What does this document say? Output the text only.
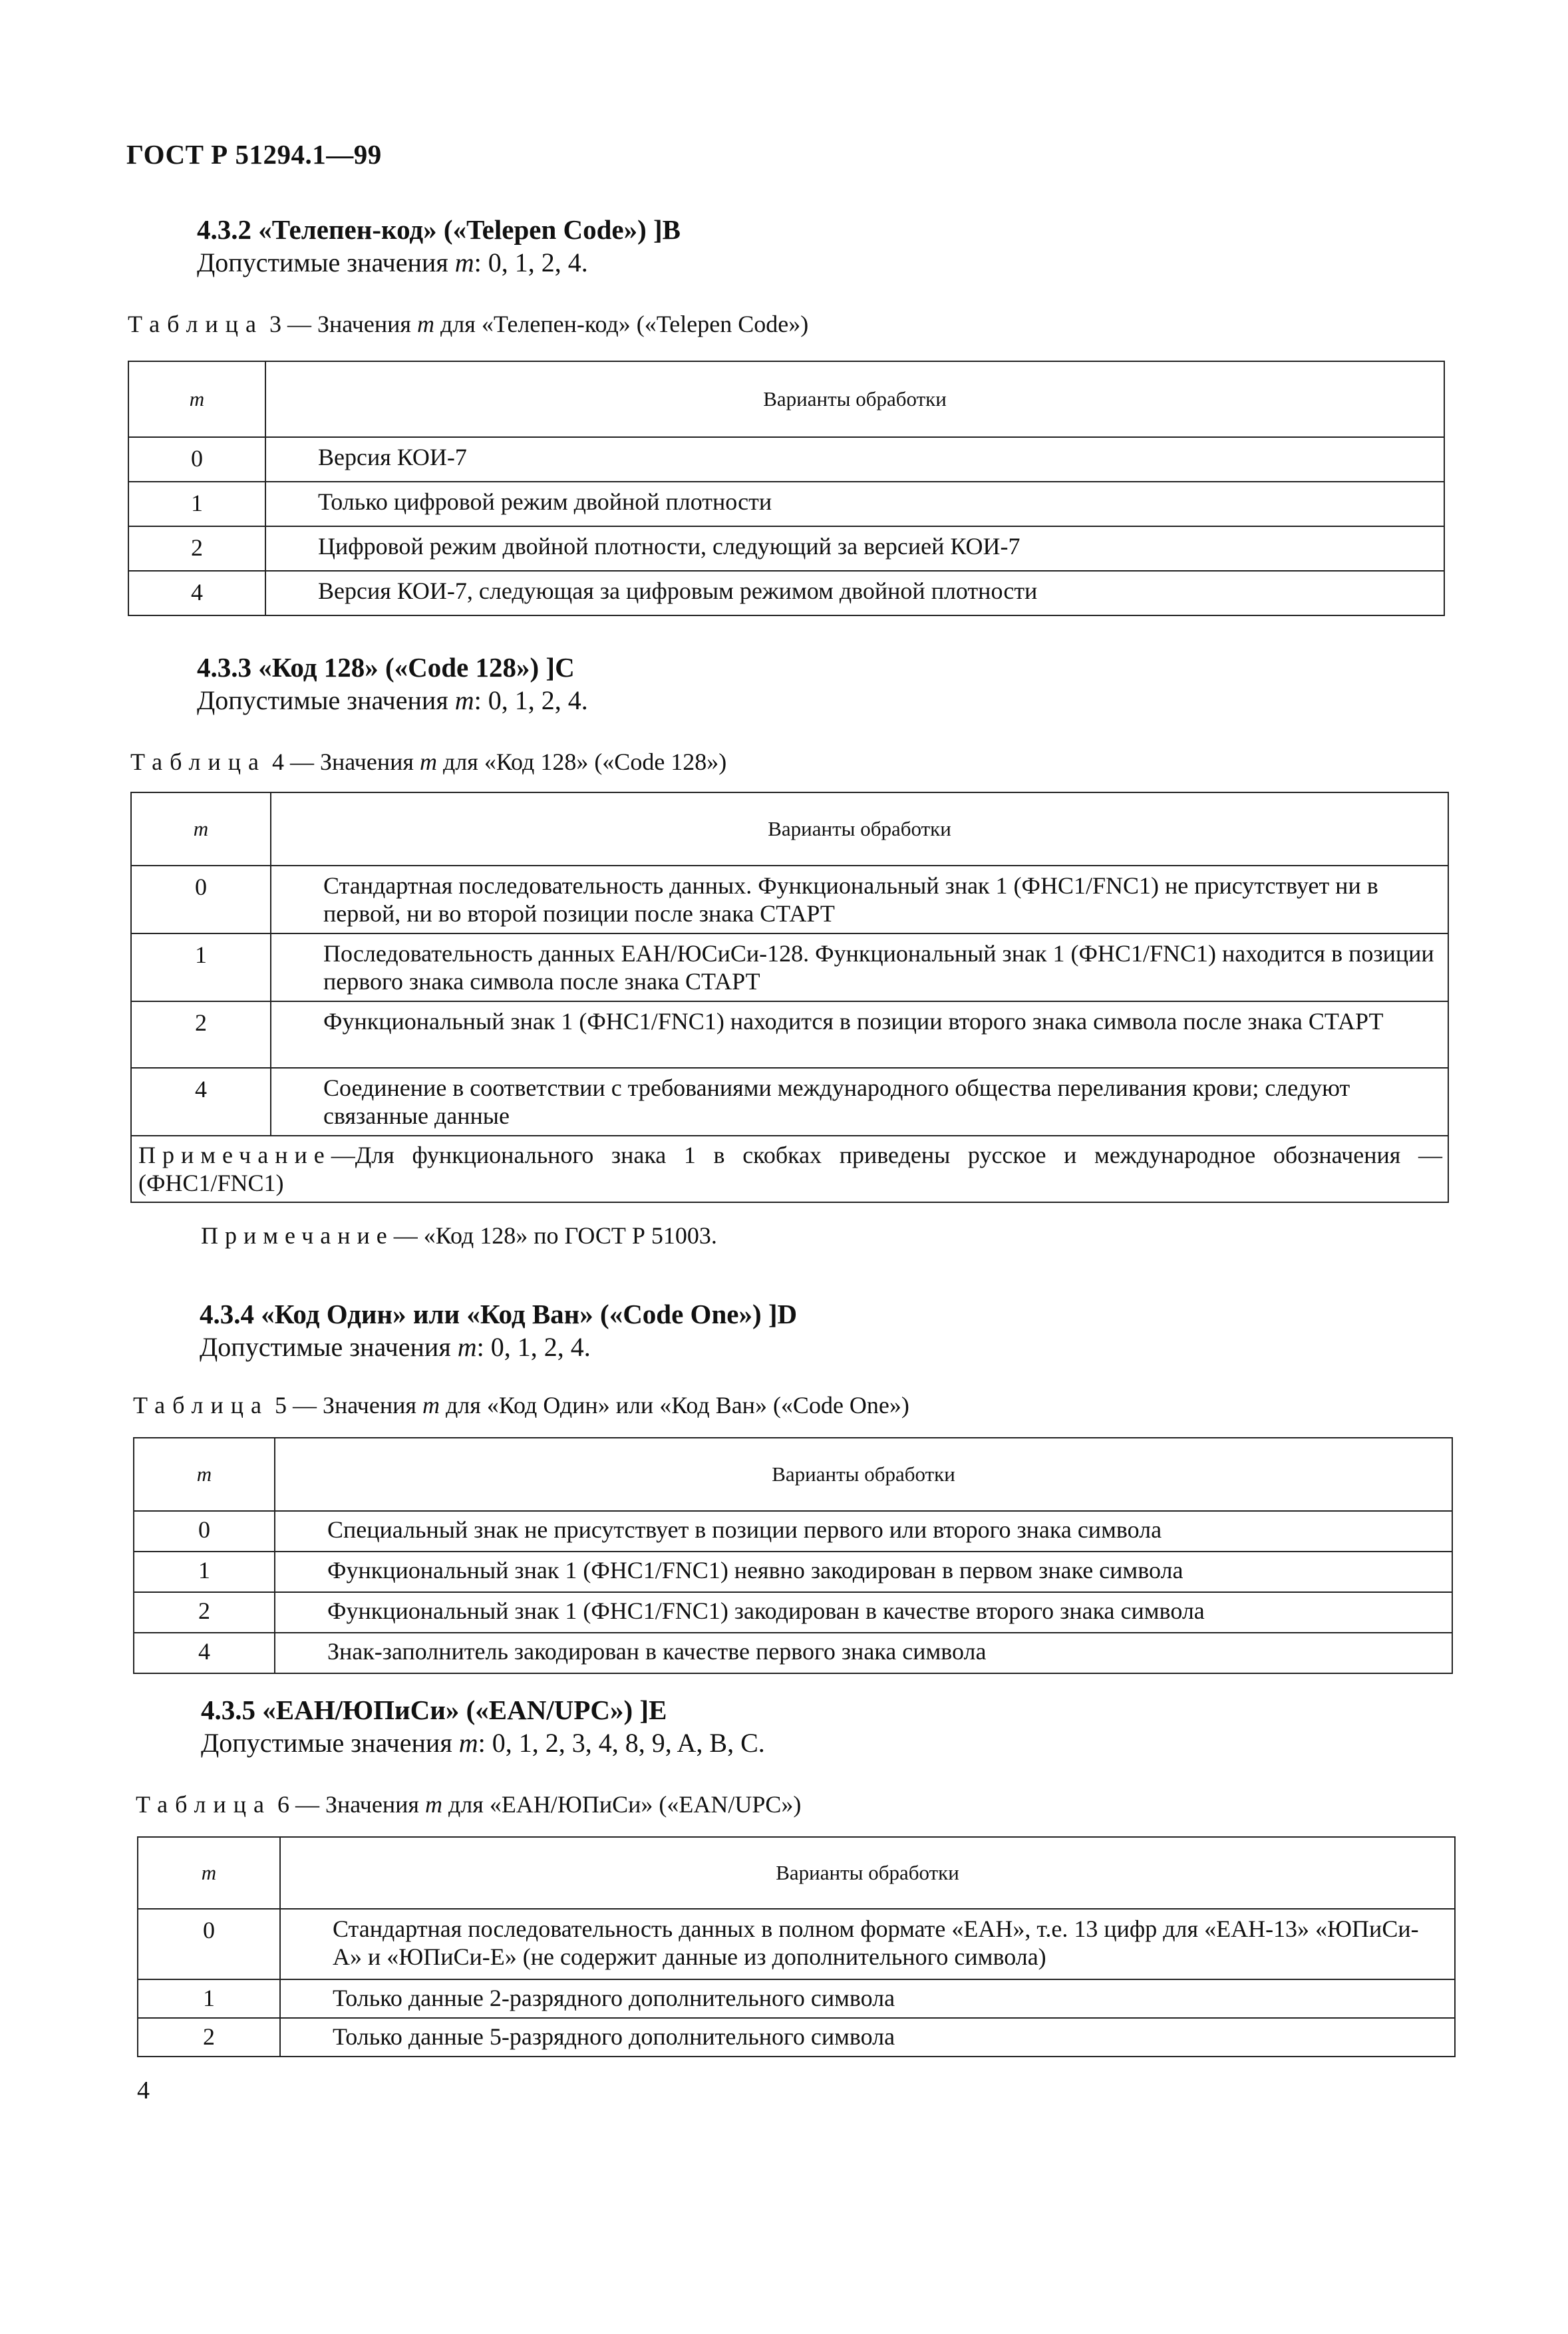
ГОСТ Р 51294.1—99
4.3.2 «Телепен-код» («Telepen Code») ]B
Допустимые значения m: 0, 1, 2, 4.
Таблица 3 — Значения m для «Телепен-код» («Telepen Code»)
m	Варианты обработки
0	Версия КОИ-7
1	Только цифровой режим двойной плотности
2	Цифровой режим двойной плотности, следующий за версией КОИ-7
4	Версия КОИ-7, следующая за цифровым режимом двойной плотности
4.3.3 «Код 128» («Code 128») ]C
Допустимые значения m: 0, 1, 2, 4.
Таблица 4 — Значения m для «Код 128» («Code 128»)
m	Варианты обработки
0	Стандартная последовательность данных. Функциональный знак 1 (ФНС1/FNC1) не присутствует ни в первой, ни во второй позиции после знака СТАРТ
1	Последовательность данных ЕАН/ЮСиСи-128. Функциональный знак 1 (ФНС1/FNC1) находится в позиции первого знака символа после знака СТАРТ
2	Функциональный знак 1 (ФНС1/FNC1) находится в позиции второго знака символа после знака СТАРТ
4	Соединение в соответствии с требованиями международного общества переливания крови; следуют связанные данные
Примечание—Для функционального знака 1 в скобках приведены русское и международное обозначения — (ФНС1/FNC1)	
Примечание— «Код 128» по ГОСТ Р 51003.
4.3.4 «Код Один» или «Код Ван» («Code One») ]D
Допустимые значения m: 0, 1, 2, 4.
Таблица 5 — Значения m для «Код Один» или «Код Ван» («Code One»)
m	Варианты обработки
0	Специальный знак не присутствует в позиции первого или второго знака символа
1	Функциональный знак 1 (ФНС1/FNC1) неявно закодирован в первом знаке символа
2	Функциональный знак 1 (ФНС1/FNC1) закодирован в качестве второго знака символа
4	Знак-заполнитель закодирован в качестве первого знака символа
4.3.5 «ЕАН/ЮПиСи» («EAN/UPC») ]E
Допустимые значения m: 0, 1, 2, 3, 4, 8, 9, A, B, C.
Таблица 6 — Значения m для «ЕАН/ЮПиСи» («EAN/UPC»)
m	Варианты обработки
0	Стандартная последовательность данных в полном формате «ЕАН», т.е. 13 цифр для «ЕАН-13» «ЮПиСи-А» и «ЮПиСи-Е» (не содержит данные из дополнительного символа)
1	Только данные 2-разрядного дополнительного символа
2	Только данные 5-разрядного дополнительного символа
4
